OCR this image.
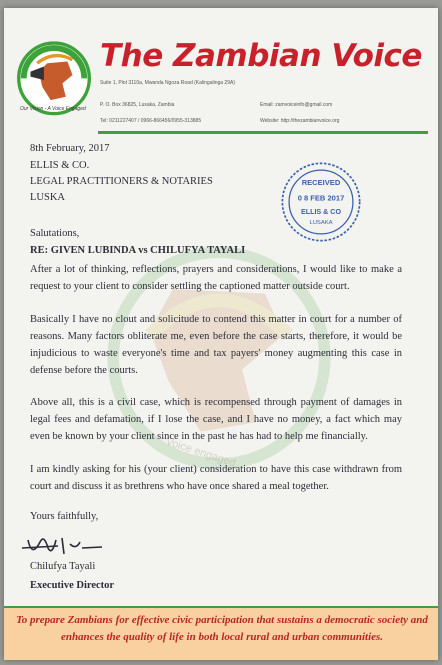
Voice engaged...
Our Vision - A Voice Engaged
The Zambian Voice
Suite 1, Plot 3110a, Mwanda Ngoza Road (Kalingalinga 29A)
P. O. Box 36825, Lusaka, Zambia
Tel: 0211227407 / 0966-866456/0955-313885
Email: zamvoiceinfo@gmail.com
Website: http://thezambianvoice.org
RECEIVED
0 8 FEB 2017
ELLIS & CO
LUSAKA
8th February, 2017
ELLIS & CO.
LEGAL PRACTITIONERS & NOTARIES
LUSKA
Salutations,
RE: GIVEN LUBINDA vs CHILUFYA TAYALI
After a lot of thinking, reflections, prayers and considerations, I would like to make a request to your client to consider settling the captioned matter outside court.
Basically I have no clout and solicitude to contend this matter in court for a number of reasons. Many factors obliterate me, even before the case starts, therefore, it would be injudicious to waste everyone's time and tax payers' money augmenting this case in defense before the courts.
Above all, this is a civil case, which is recompensed through payment of damages in legal fees and defamation, if I lose the case, and I have no money, a fact which may even be known by your client since in the past he has had to help me financially.
I am kindly asking for his (your client) consideration to have this case withdrawn from court and discuss it as brethrens who have once shared a meal together.
Yours faithfully,
Chilufya Tayali
Executive Director
To prepare Zambians for effective civic participation that sustains a democratic society and enhances the quality of life in both local rural and urban communities.
